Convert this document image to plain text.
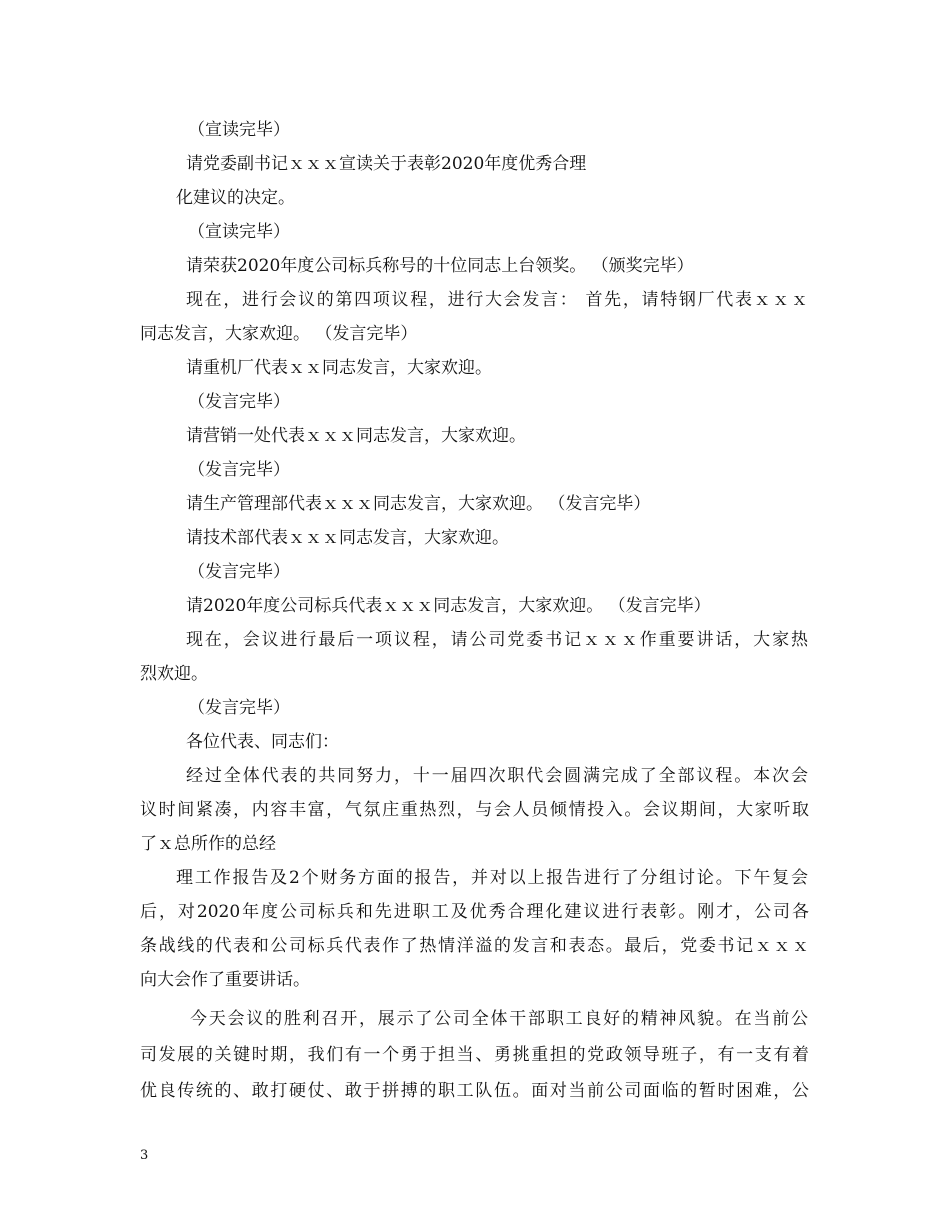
（宣读完毕）

请党委副书记ｘｘｘ宣读关于表彰2020年度优秀合理

化建议的决定。

（宣读完毕）

请荣获2020年度公司标兵称号的十位同志上台领奖。 （颁奖完毕）

现在，进行会议的第四项议程，进行大会发言： 首先，请特钢厂代表ｘｘｘ

同志发言，大家欢迎。 （发言完毕）

请重机厂代表ｘｘ同志发言，大家欢迎。

（发言完毕）

请营销一处代表ｘｘｘ同志发言，大家欢迎。

（发言完毕）

请生产管理部代表ｘｘｘ同志发言，大家欢迎。 （发言完毕）

请技术部代表ｘｘｘ同志发言，大家欢迎。

（发言完毕）

请2020年度公司标兵代表ｘｘｘ同志发言，大家欢迎。 （发言完毕）

现在，会议进行最后一项议程，请公司党委书记ｘｘｘ作重要讲话，大家热

烈欢迎。

（发言完毕）

各位代表、同志们：

经过全体代表的共同努力，十一届四次职代会圆满完成了全部议程。本次会

议时间紧凑，内容丰富，气氛庄重热烈，与会人员倾情投入。会议期间，大家听取

了ｘ总所作的总经

理工作报告及2个财务方面的报告，并对以上报告进行了分组讨论。下午复会

后，对2020年度公司标兵和先进职工及优秀合理化建议进行表彰。刚才，公司各

条战线的代表和公司标兵代表作了热情洋溢的发言和表态。最后，党委书记ｘｘｘ

向大会作了重要讲话。

今天会议的胜利召开，展示了公司全体干部职工良好的精神风貌。在当前公

司发展的关键时期，我们有一个勇于担当、勇挑重担的党政领导班子，有一支有着

优良传统的、敢打硬仗、敢于拼搏的职工队伍。面对当前公司面临的暂时困难，公

3
